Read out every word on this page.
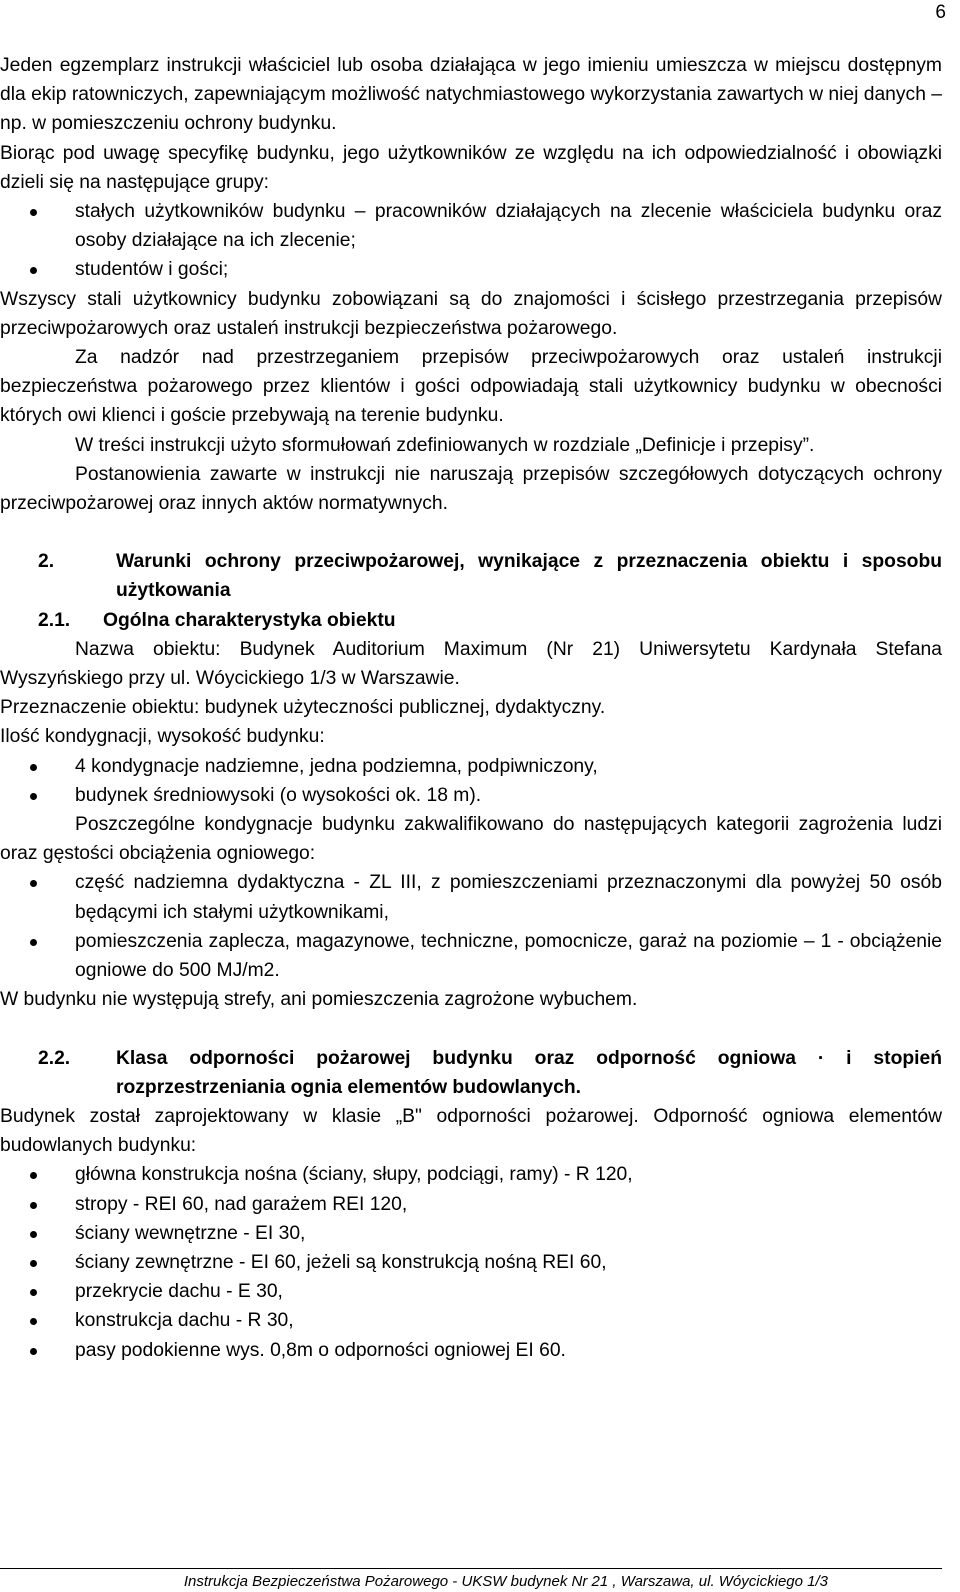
6

Jeden egzemplarz instrukcji właściciel lub osoba działająca w jego imieniu umieszcza w miejscu dostępnym dla ekip ratowniczych, zapewniającym możliwość natychmiastowego wykorzystania zawartych w niej danych – np. w pomieszczeniu ochrony budynku.

Biorąc pod uwagę specyfikę budynku, jego użytkowników ze względu na ich odpowiedzialność i obowiązki dzieli się na następujące grupy:

stałych użytkowników budynku – pracowników działających na zlecenie właściciela budynku oraz osoby działające na ich zlecenie;
studentów i gości;

Wszyscy stali użytkownicy budynku zobowiązani są do znajomości i ścisłego przestrzegania przepisów przeciwpożarowych oraz ustaleń instrukcji bezpieczeństwa pożarowego.

Za nadzór nad przestrzeganiem przepisów przeciwpożarowych oraz ustaleń instrukcji bezpieczeństwa pożarowego przez klientów i gości odpowiadają stali użytkownicy budynku w obecności których owi klienci i goście przebywają na terenie budynku.

W treści instrukcji użyto sformułowań zdefiniowanych w rozdziale „Definicje i przepisy”.

Postanowienia zawarte w instrukcji nie naruszają przepisów szczegółowych dotyczących ochrony przeciwpożarowej oraz innych aktów normatywnych.

2.	Warunki ochrony przeciwpożarowej, wynikające z przeznaczenia obiektu i sposobu użytkowania
2.1.	Ogólna charakterystyka obiektu

Nazwa obiektu: Budynek Auditorium Maximum (Nr 21) Uniwersytetu Kardynała Stefana Wyszyńskiego przy ul. Wóycickiego 1/3 w Warszawie.

Przeznaczenie obiektu: budynek użyteczności publicznej, dydaktyczny.

Ilość kondygnacji, wysokość budynku:

4 kondygnacje nadziemne, jedna podziemna, podpiwniczony,
budynek średniowysoki (o wysokości ok. 18 m).

Poszczególne kondygnacje budynku zakwalifikowano do następujących kategorii zagrożenia ludzi oraz gęstości obciążenia ogniowego:

część nadziemna dydaktyczna - ZL III, z pomieszczeniami przeznaczonymi dla powyżej 50 osób będącymi ich stałymi użytkownikami,
pomieszczenia zaplecza, magazynowe, techniczne, pomocnicze, garaż na poziomie – 1 - obciążenie ogniowe do 500 MJ/m2.

W budynku nie występują strefy, ani pomieszczenia zagrożone wybuchem.

2.2.	Klasa odporności pożarowej budynku oraz odporność ogniowa · i stopień rozprzestrzeniania ognia elementów budowlanych.

Budynek został zaprojektowany w klasie „B" odporności pożarowej. Odporność ogniowa elementów budowlanych budynku:

główna konstrukcja nośna (ściany, słupy, podciągi, ramy) - R 120,
stropy - REI 60, nad garażem REI 120,
ściany wewnętrzne - EI 30,
ściany zewnętrzne - EI 60, jeżeli są konstrukcją nośną REI 60,
przekrycie dachu - E 30,
konstrukcja dachu - R 30,
pasy podokienne wys. 0,8m o odporności ogniowej EI 60.
Instrukcja Bezpieczeństwa Pożarowego - UKSW budynek Nr 21 , Warszawa, ul. Wóycickiego 1/3
